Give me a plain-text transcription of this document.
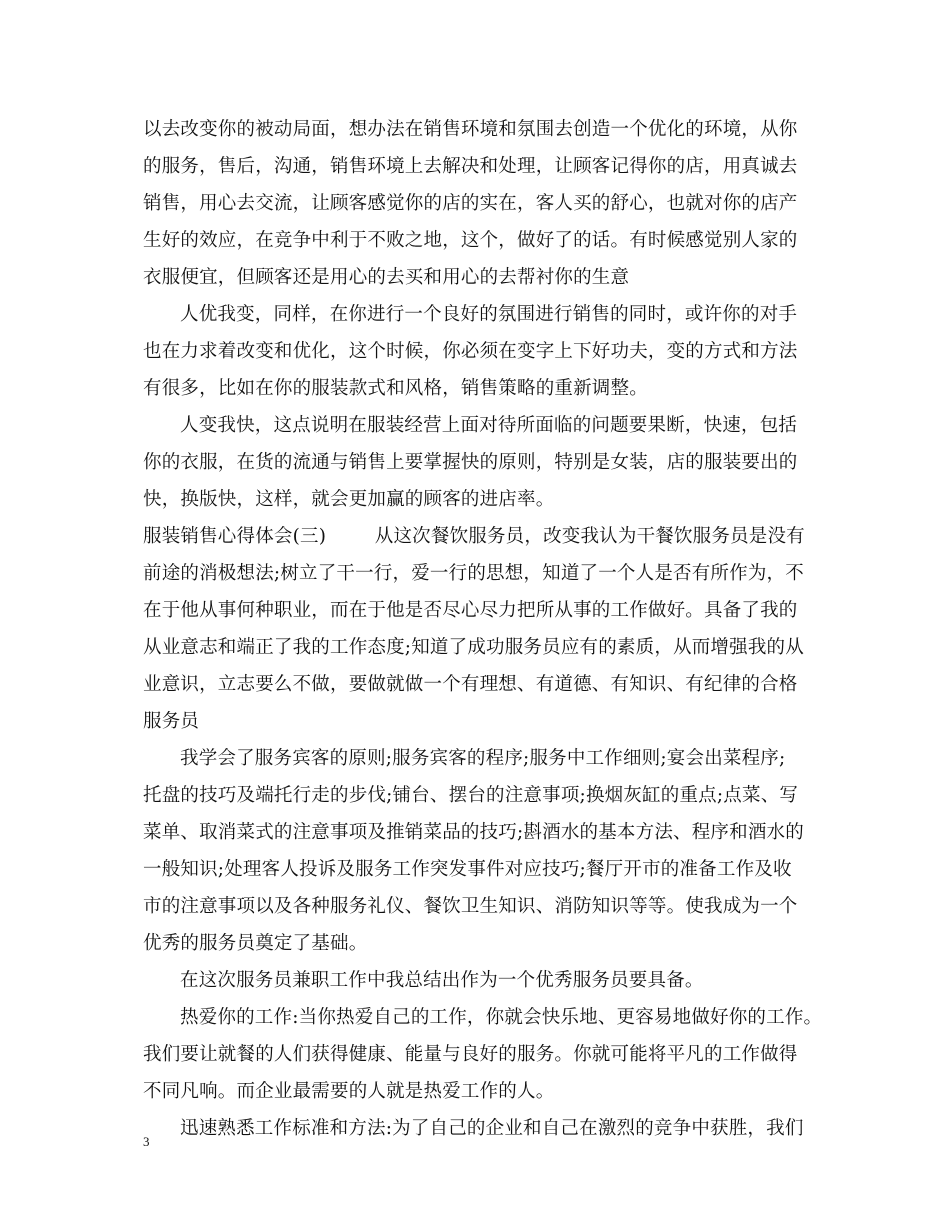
以去改变你的被动局面，想办法在销售环境和氛围去创造一个优化的环境，从你
的服务，售后，沟通，销售环境上去解决和处理，让顾客记得你的店，用真诚去
销售，用心去交流，让顾客感觉你的店的实在，客人买的舒心，也就对你的店产
生好的效应，在竞争中利于不败之地，这个，做好了的话。有时候感觉别人家的
衣服便宜，但顾客还是用心的去买和用心的去帮衬你的生意
人优我变，同样，在你进行一个良好的氛围进行销售的同时，或许你的对手
也在力求着改变和优化，这个时候，你必须在变字上下好功夫，变的方式和方法
有很多，比如在你的服装款式和风格，销售策略的重新调整。
人变我快，这点说明在服装经营上面对待所面临的问题要果断，快速，包括
你的衣服，在货的流通与销售上要掌握快的原则，特别是女装，店的服装要出的
快，换版快，这样，就会更加赢的顾客的进店率。
服装销售心得体会(三)        从这次餐饮服务员，改变我认为干餐饮服务员是没有
前途的消极想法;树立了干一行，爱一行的思想，知道了一个人是否有所作为，不
在于他从事何种职业，而在于他是否尽心尽力把所从事的工作做好。具备了我的
从业意志和端正了我的工作态度;知道了成功服务员应有的素质，从而增强我的从
业意识，立志要么不做，要做就做一个有理想、有道德、有知识、有纪律的合格
服务员
我学会了服务宾客的原则;服务宾客的程序;服务中工作细则;宴会出菜程序;
托盘的技巧及端托行走的步伐;铺台、摆台的注意事项;换烟灰缸的重点;点菜、写
菜单、取消菜式的注意事项及推销菜品的技巧;斟酒水的基本方法、程序和酒水的
一般知识;处理客人投诉及服务工作突发事件对应技巧;餐厅开市的准备工作及收
市的注意事项以及各种服务礼仪、餐饮卫生知识、消防知识等等。使我成为一个
优秀的服务员奠定了基础。
在这次服务员兼职工作中我总结出作为一个优秀服务员要具备。
热爱你的工作:当你热爱自己的工作，你就会快乐地、更容易地做好你的工作。
我们要让就餐的人们获得健康、能量与良好的服务。你就可能将平凡的工作做得
不同凡响。而企业最需要的人就是热爱工作的人。
迅速熟悉工作标准和方法:为了自己的企业和自己在激烈的竞争中获胜，我们
3
